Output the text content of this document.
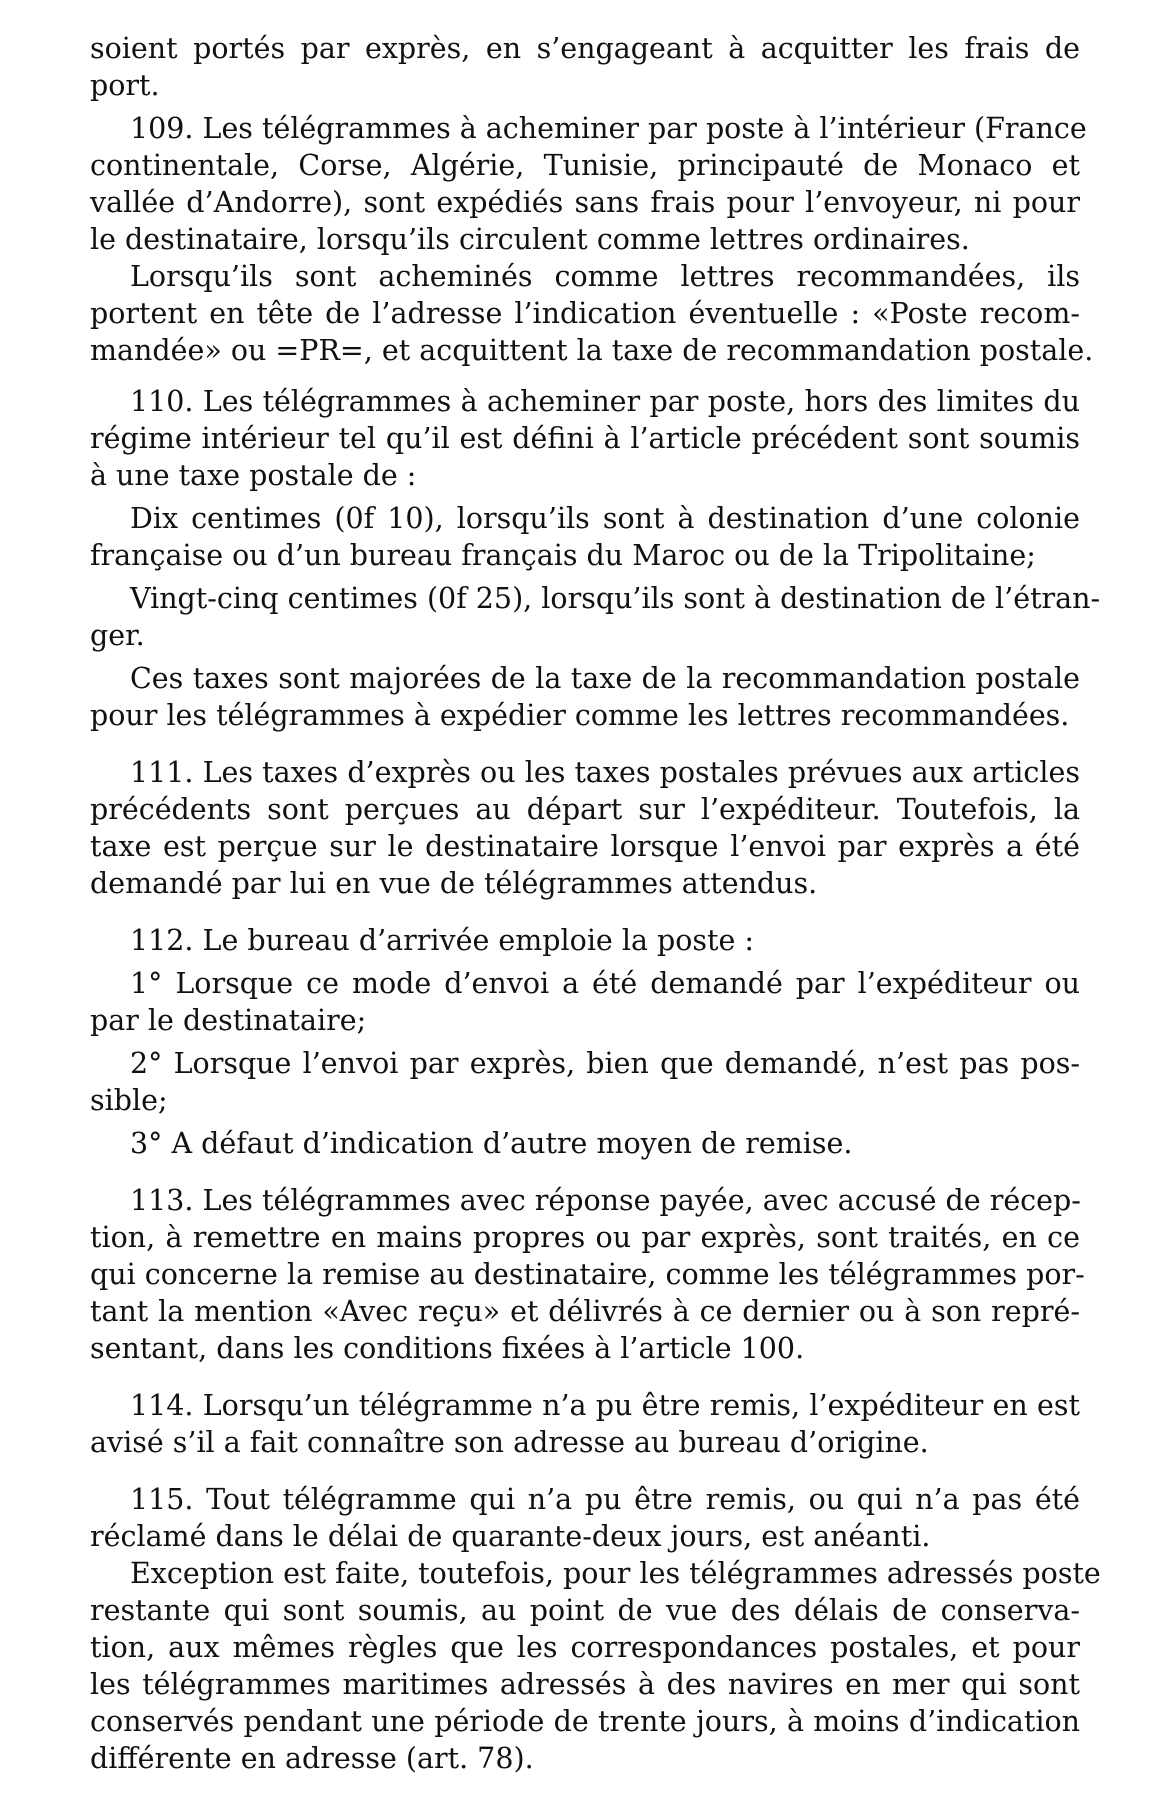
soient portés par exprès, en s’engageant à acquitter les frais de
port.

109. Les télégrammes à acheminer par poste à l’intérieur (France
continentale, Corse, Algérie, Tunisie, principauté de Monaco et
vallée d’Andorre), sont expédiés sans frais pour l’envoyeur, ni pour
le destinataire, lorsqu’ils circulent comme lettres ordinaires.

Lorsqu’ils sont acheminés comme lettres recommandées, ils
portent en tête de l’adresse l’indication éventuelle : «Poste recom-
mandée» ou =PR=, et acquittent la taxe de recommandation postale.

110. Les télégrammes à acheminer par poste, hors des limites du
régime intérieur tel qu’il est défini à l’article précédent sont soumis
à une taxe postale de :

Dix centimes (0f 10), lorsqu’ils sont à destination d’une colonie
française ou d’un bureau français du Maroc ou de la Tripolitaine;

Vingt-cinq centimes (0f 25), lorsqu’ils sont à destination de l’étran-
ger.

Ces taxes sont majorées de la taxe de la recommandation postale
pour les télégrammes à expédier comme les lettres recommandées.

111. Les taxes d’exprès ou les taxes postales prévues aux articles
précédents sont perçues au départ sur l’expéditeur. Toutefois, la
taxe est perçue sur le destinataire lorsque l’envoi par exprès a été
demandé par lui en vue de télégrammes attendus.

112. Le bureau d’arrivée emploie la poste :

1° Lorsque ce mode d’envoi a été demandé par l’expéditeur ou
par le destinataire;

2° Lorsque l’envoi par exprès, bien que demandé, n’est pas pos-
sible;

3° A défaut d’indication d’autre moyen de remise.

113. Les télégrammes avec réponse payée, avec accusé de récep-
tion, à remettre en mains propres ou par exprès, sont traités, en ce
qui concerne la remise au destinataire, comme les télégrammes por-
tant la mention «Avec reçu» et délivrés à ce dernier ou à son repré-
sentant, dans les conditions fixées à l’article 100.

114. Lorsqu’un télégramme n’a pu être remis, l’expéditeur en est
avisé s’il a fait connaître son adresse au bureau d’origine.

115. Tout télégramme qui n’a pu être remis, ou qui n’a pas été
réclamé dans le délai de quarante-deux jours, est anéanti.

Exception est faite, toutefois, pour les télégrammes adressés poste
restante qui sont soumis, au point de vue des délais de conserva-
tion, aux mêmes règles que les correspondances postales, et pour
les télégrammes maritimes adressés à des navires en mer qui sont
conservés pendant une période de trente jours, à moins d’indication
différente en adresse (art. 78).
